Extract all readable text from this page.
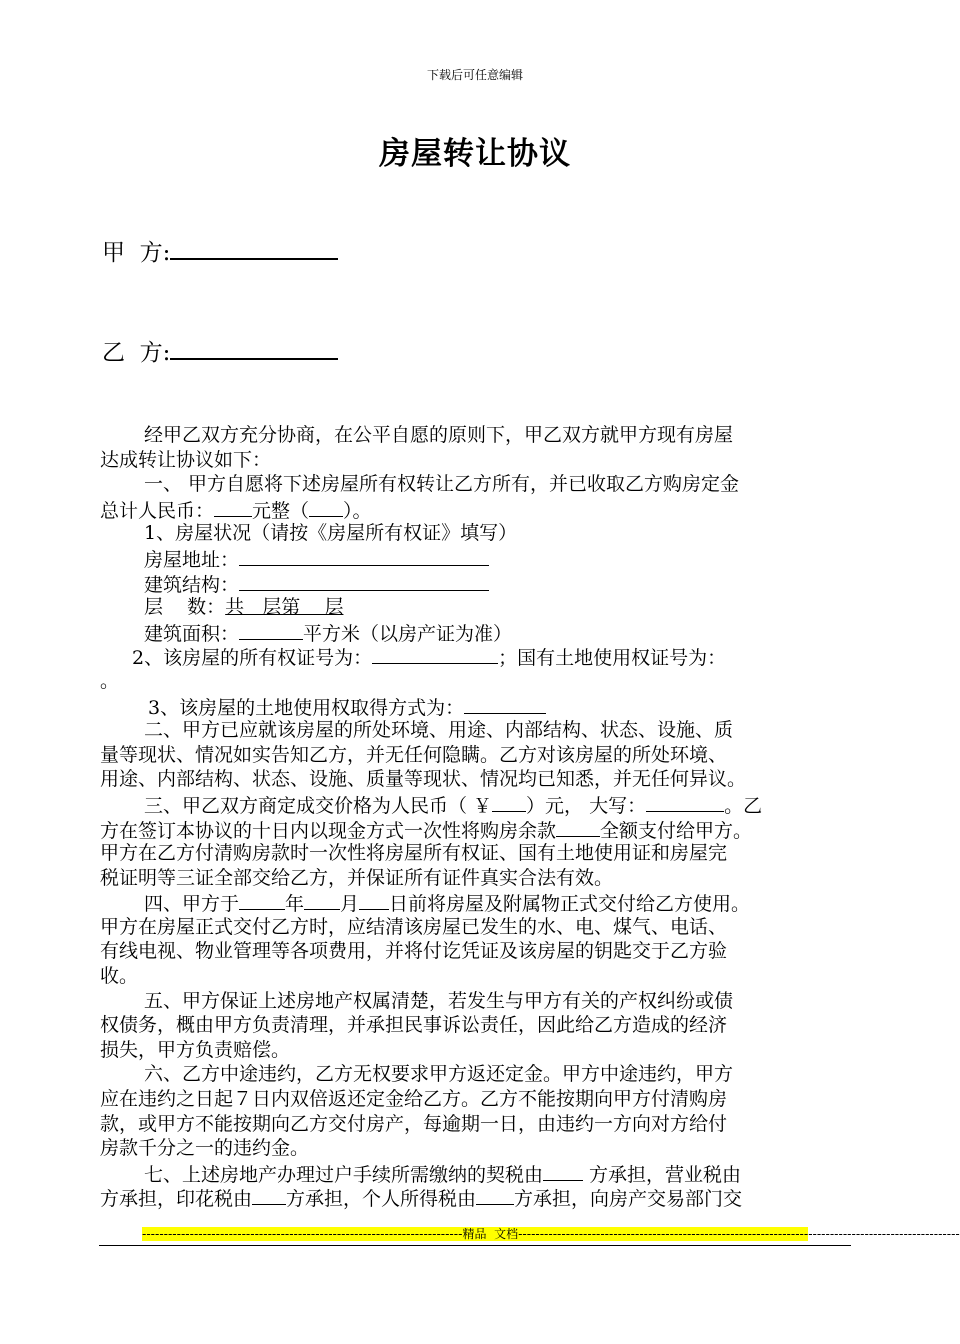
下载后可任意编辑
房屋转让协议
甲  方:
乙  方:
经甲乙双方充分协商，在公平自愿的原则下，甲乙双方就甲方现有房屋
达成转让协议如下：
一、 甲方自愿将下述房屋所有权转让乙方所有，并已收取乙方购房定金
总计人民币： 元整（ ）。
1、房屋状况（请按《房屋所有权证》填写）
房屋地址：
建筑结构：
层    数：共   层第    层
建筑面积：	平方米（以房产证为准）
2、该房屋的所有权证号为：	；国有土地使用权证号为：
。
3、该房屋的土地使用权取得方式为：
二、甲方已应就该房屋的所处环境、用途、内部结构、状态、设施、质
量等现状、情况如实告知乙方，并无任何隐瞒。乙方对该房屋的所处环境、
用途、内部结构、状态、设施、质量等现状、情况均已知悉，并无任何异议。
三、甲乙双方商定成交价格为人民币（ ￥ ）元， 大写：	。乙
方在签订本协议的十日内以现金方式一次性将购房余款 全额支付给甲方。
甲方在乙方付清购房款时一次性将房屋所有权证、国有土地使用证和房屋完
税证明等三证全部交给乙方，并保证所有证件真实合法有效。
四、甲方于 年 月 日前将房屋及附属物正式交付给乙方使用。
甲方在房屋正式交付乙方时，应结清该房屋已发生的水、电、煤气、电话、
有线电视、物业管理等各项费用，并将付讫凭证及该房屋的钥匙交于乙方验
收。
五、甲方保证上述房地产权属清楚，若发生与甲方有关的产权纠纷或债
权债务，概由甲方负责清理，并承担民事诉讼责任，因此给乙方造成的经济
损失，甲方负责赔偿。
六、乙方中途违约，乙方无权要求甲方返还定金。甲方中途违约，甲方
应在违约之日起７日内双倍返还定金给乙方。乙方不能按期向甲方付清购房
款，或甲方不能按期向乙方交付房产，每逾期一日，由违约一方向对方给付
房款千分之一的违约金。
七、上述房地产办理过户手续所需缴纳的契税由 方承担，营业税由
方承担，印花税由 方承担，个人所得税由 方承担，向房产交易部门交
--------------------------------------------------------------------------精品  文档------------------------------------------------------------------------------------------------------
